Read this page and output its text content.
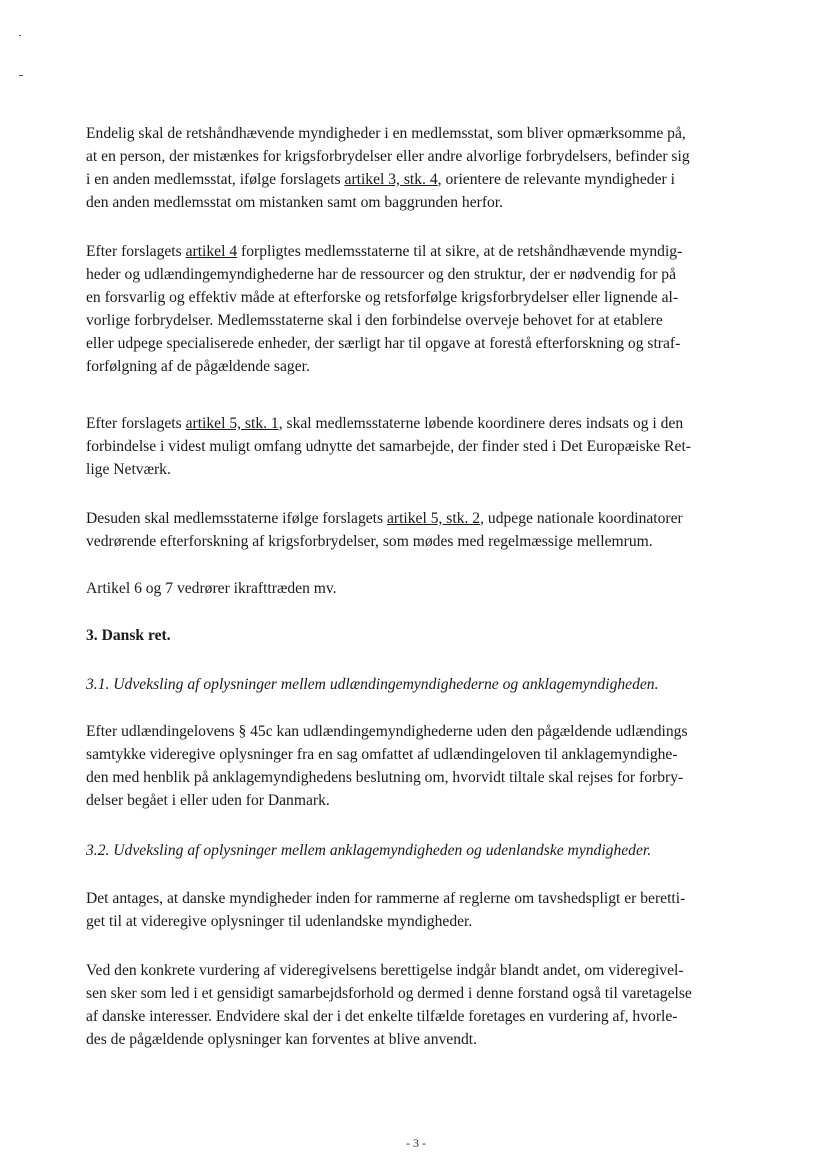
Endelig skal de retshåndhævende myndigheder i en medlemsstat, som bliver opmærksomme på,
at en person, der mistænkes for krigsforbrydelser eller andre alvorlige forbrydelsers, befinder sig
i en anden medlemsstat, ifølge forslagets artikel 3, stk. 4, orientere de relevante myndigheder i
den anden medlemsstat om mistanken samt om baggrunden herfor.
Efter forslagets artikel 4 forpligtes medlemsstaterne til at sikre, at de retshåndhævende myndig-
heder og udlændingemyndighederne har de ressourcer og den struktur, der er nødvendig for på
en forsvarlig og effektiv måde at efterforske og retsforfølge krigsforbrydelser eller lignende al-
vorlige forbrydelser. Medlemsstaterne skal i den forbindelse overveje behovet for at etablere
eller udpege specialiserede enheder, der særligt har til opgave at forestå efterforskning og straf-
forfølgning af de pågældende sager.
Efter forslagets artikel 5, stk. 1, skal medlemsstaterne løbende koordinere deres indsats og i den
forbindelse i videst muligt omfang udnytte det samarbejde, der finder sted i Det Europæiske Ret-
lige Netværk.
Desuden skal medlemsstaterne ifølge forslagets artikel 5, stk. 2, udpege nationale koordinatorer
vedrørende efterforskning af krigsforbrydelser, som mødes med regelmæssige mellemrum.
Artikel 6 og 7 vedrører ikrafttræden mv.
3. Dansk ret.
3.1. Udveksling af oplysninger mellem udlændingemyndighederne og anklagemyndigheden.
Efter udlændingelovens § 45c kan udlændingemyndighederne uden den pågældende udlændings
samtykke videregive oplysninger fra en sag omfattet af udlændingeloven til anklagemyndighe-
den med henblik på anklagemyndighedens beslutning om, hvorvidt tiltale skal rejses for forbry-
delser begået i eller uden for Danmark.
3.2. Udveksling af oplysninger mellem anklagemyndigheden og udenlandske myndigheder.
Det antages, at danske myndigheder inden for rammerne af reglerne om tavshedspligt er beretti-
get til at videregive oplysninger til udenlandske myndigheder.
Ved den konkrete vurdering af videregivelsens berettigelse indgår blandt andet, om videregivel-
sen sker som led i et gensidigt samarbejdsforhold og dermed i denne forstand også til varetagelse
af danske interesser. Endvidere skal der i det enkelte tilfælde foretages en vurdering af, hvorle-
des de pågældende oplysninger kan forventes at blive anvendt.
- 3 -
